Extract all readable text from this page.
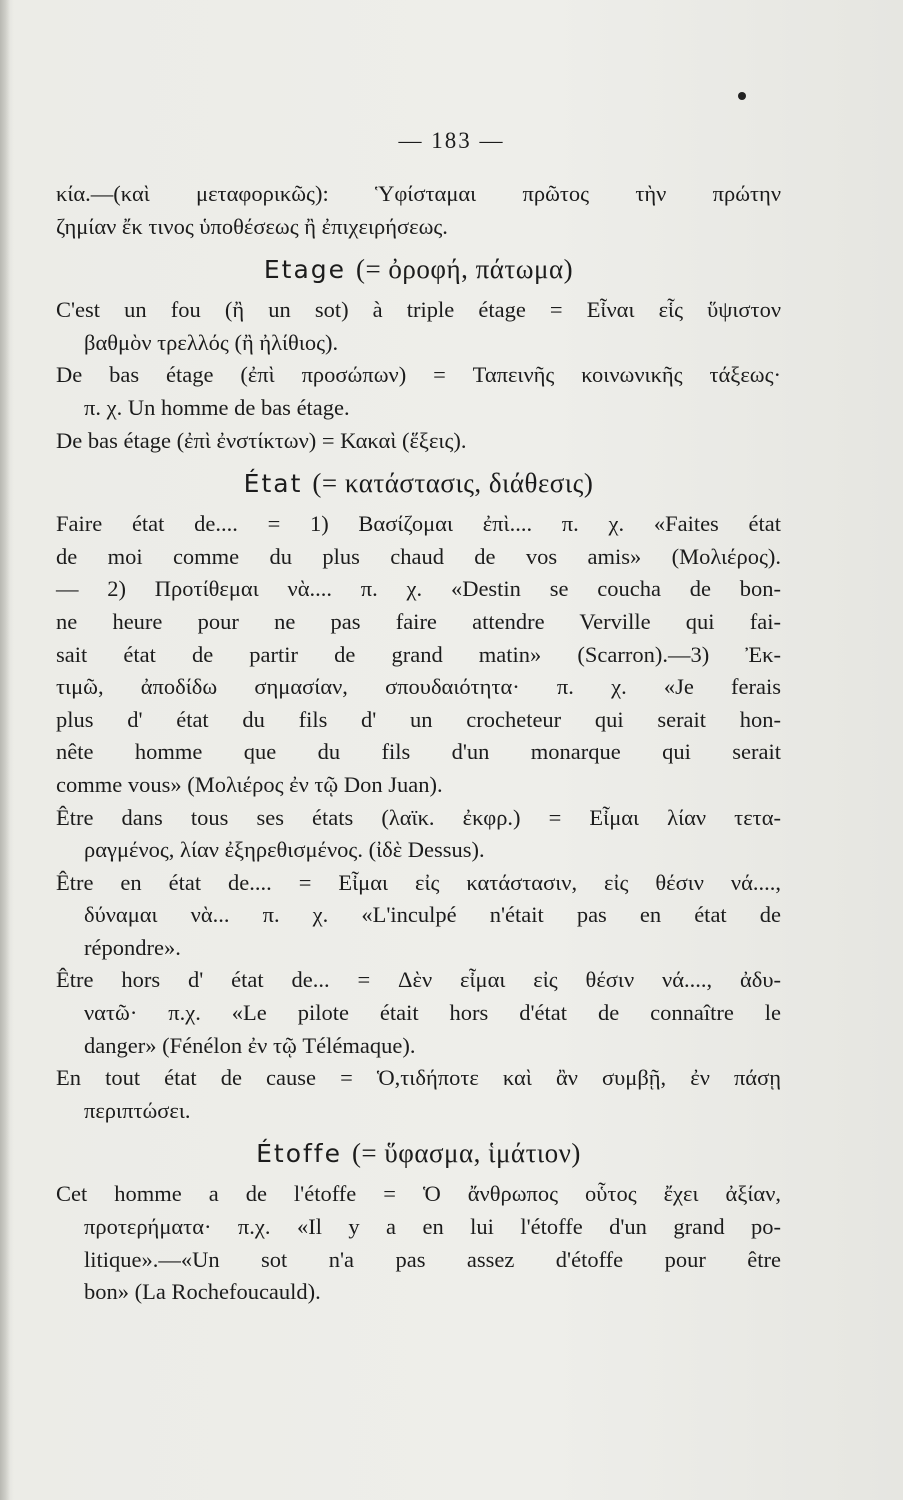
— 183 —
κία.—(καὶ μεταφορικῶς): Ὑφίσταμαι πρῶτος τὴν πρώτην
ζημίαν ἔκ τινος ὑποθέσεως ἢ ἐπιχειρήσεως.
Etage (= ὀροφή, πάτωμα)
C'est un fou (ἢ un sot) à triple étage = Εἶναι εἷς ὕψιστον
βαθμὸν τρελλός (ἢ ἠλίθιος).
De bas étage (ἐπὶ προσώπων) = Ταπεινῆς κοινωνικῆς τάξεως·
π. χ. Un homme de bas étage.
De bas étage (ἐπὶ ἐνστίκτων) = Κακαὶ (ἕξεις).
État (= κατάστασις, διάθεσις)
Faire état de.... = 1) Βασίζομαι ἐπὶ.... π. χ. «Faites état
de moi comme du plus chaud de vos amis» (Μολιέρος).
— 2) Προτίθεμαι νὰ.... π. χ. «Destin se coucha de bon-
ne heure pour ne pas faire attendre Verville qui fai-
sait état de partir de grand matin» (Scarron).—3) Ἐκ-
τιμῶ, ἀποδίδω σημασίαν, σπουδαιότητα· π. χ. «Je ferais
plus d' état du fils d' un crocheteur qui serait hon-
nête homme que du fils d'un monarque qui serait
comme vous» (Μολιέρος ἐν τῷ Don Juan).
Être dans tous ses états (λαϊκ. ἐκφρ.) = Εἶμαι λίαν τετα-
ραγμένος, λίαν ἐξηρεθισμένος. (ἰδὲ Dessus).
Être en état de.... = Εἶμαι εἰς κατάστασιν, εἰς θέσιν νά....,
δύναμαι νὰ... π. χ. «L'inculpé n'était pas en état de
répondre».
Être hors d' état de... = Δὲν εἶμαι εἰς θέσιν νά...., ἀδυ-
νατῶ· π.χ. «Le pilote était hors d'état de connaître le
danger» (Fénélon ἐν τῷ Télémaque).
En tout état de cause = Ὁ,τιδήποτε καὶ ἂν συμβῇ, ἐν πάσῃ
περιπτώσει.
Étoffe (= ὕφασμα, ἱμάτιον)
Cet homme a de l'étoffe = Ὁ ἄνθρωπος οὗτος ἔχει ἀξίαν,
προτερήματα· π.χ. «Il y a en lui l'étoffe d'un grand po-
litique».—«Un sot n'a pas assez d'étoffe pour être
bon» (La Rochefoucauld).
